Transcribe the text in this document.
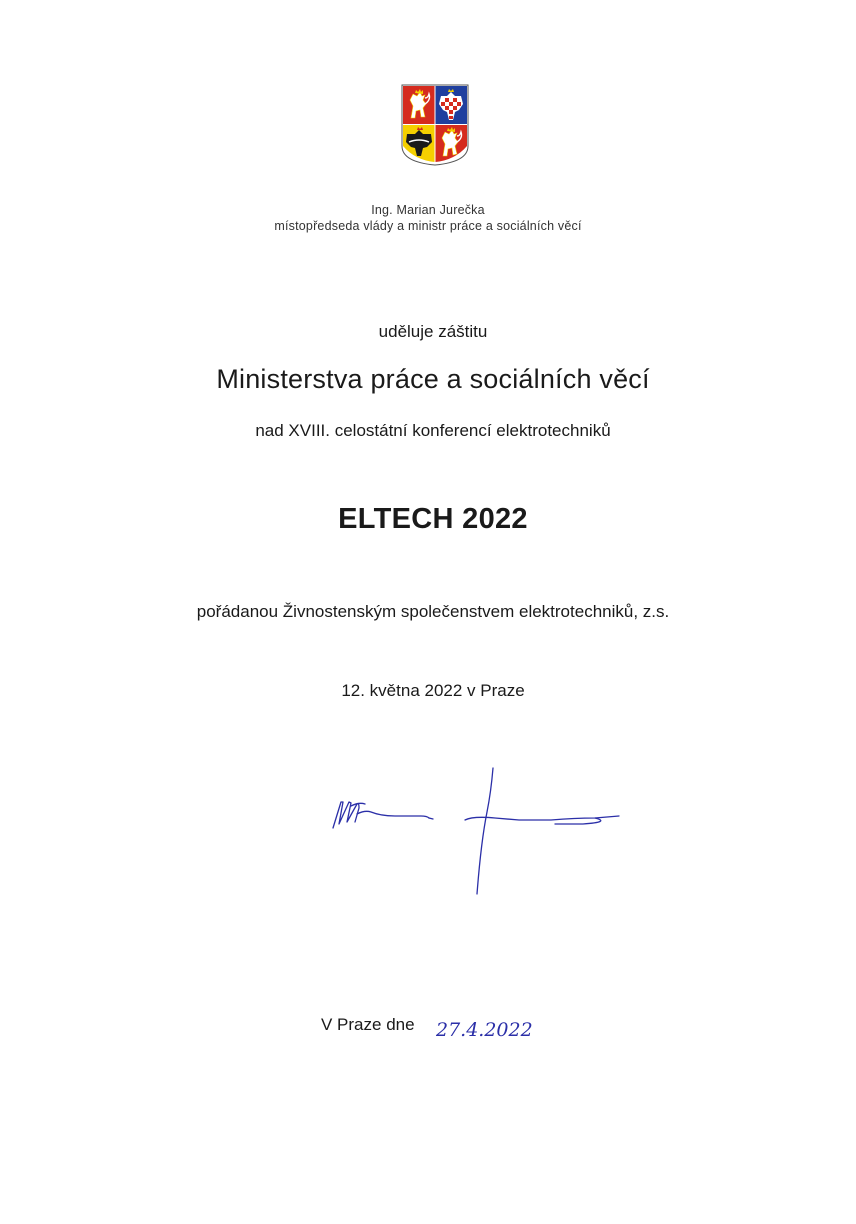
Ing. Marian Jurečka
místopředseda vlády a ministr práce a sociálních věcí
uděluje záštitu
Ministerstva práce a sociálních věcí
nad XVIII. celostátní konferencí elektrotechniků
ELTECH 2022
pořádanou Živnostenským společenstvem elektrotechniků, z.s.
12. května 2022 v Praze
V Praze dne 27.4.2022
